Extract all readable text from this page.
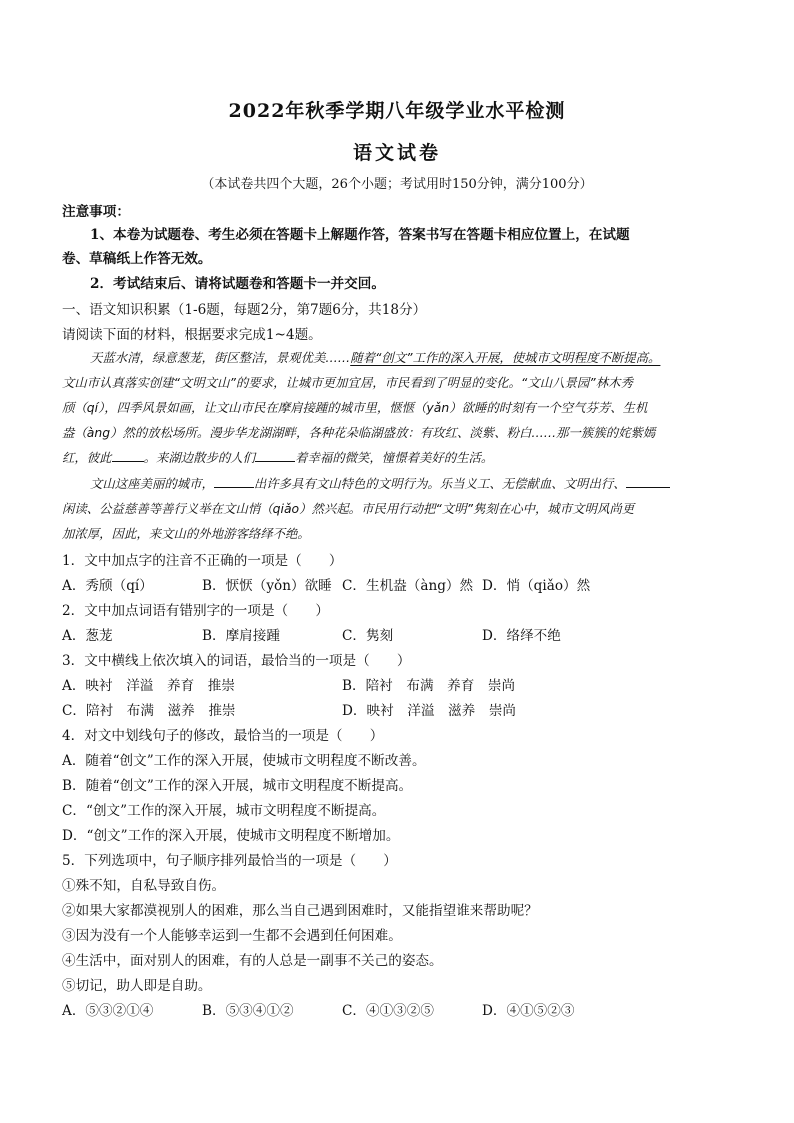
2022年秋季学期八年级学业水平检测
语文试卷
（本试卷共四个大题，26个小题；考试用时150分钟，满分100分）
注意事项：
1、本卷为试题卷、考生必须在答题卡上解题作答，答案书写在答题卡相应位置上，在试题
卷、草稿纸上作答无效。
2．考试结束后、请将试题卷和答题卡一并交回。
一、语文知识积累（1-6题，每题2分，第7题6分，共18分）
请阅读下面的材料，根据要求完成1~4题。
天蓝水清，绿意葱茏，街区整洁，景观优美……随着“创文”工作的深入开展，使城市文明程度不断提高。
文山市认真落实创建“文明文山”的要求，让城市更加宜居，市民看到了明显的变化。“文山八景园”林木秀
颀（qí），四季风景如画，让文山市民在摩肩接踵的城市里，惬惬（yǎn）欲睡的时刻有一个空气芬芳、生机
盎（àng）然的放松场所。漫步华龙湖湖畔，各种花朵临湖盛放：有玫红、淡紫、粉白……那一簇簇的姹紫嫣
红，彼此	。来湖边散步的人们	着幸福的微笑，憧憬着美好的生活。
文山这座美丽的城市，	出许多具有文山特色的文明行为。乐当义工、无偿献血、文明出行、
闲读、公益慈善等善行义举在文山悄（qiǎo）然兴起。市民用行动把“文明”隽刻在心中，城市文明风尚更
加浓厚，因此，来文山的外地游客络绎不绝。
1．文中加点字的注音不正确的一项是（　　）
A．秀颀（qí）	B．恹恹（yǒn）欲睡 C．生机盎（àng）然 D．悄（qiǎo）然
2．文中加点词语有错别字的一项是（　　）
A．葱茏	B．摩肩接踵	C．隽刻	D．络绎不绝
3．文中横线上依次填入的词语，最恰当的一项是（　　）
A．映衬　洋溢　养育　推崇	B．陪衬　布满　养育　崇尚
C．陪衬　布满　滋养　推崇	D．映衬　洋溢　滋养　崇尚
4．对文中划线句子的修改，最恰当的一项是（　　）
A．随着“创文”工作的深入开展，使城市文明程度不断改善。
B．随着“创文”工作的深入开展，城市文明程度不断提高。
C．“创文”工作的深入开展，城市文明程度不断提高。
D．“创文”工作的深入开展，使城市文明程度不断增加。
5．下列选项中，句子顺序排列最恰当的一项是（　　）
①殊不知，自私导致自伤。
②如果大家都漠视别人的困难，那么当自己遇到困难时，又能指望谁来帮助呢？
③因为没有一个人能够幸运到一生都不会遇到任何困难。
④生活中，面对别人的困难，有的人总是一副事不关己的姿态。
⑤切记，助人即是自助。
A．⑤③②①④	B．⑤③④①②	C．④①③②⑤	D．④①⑤②③
